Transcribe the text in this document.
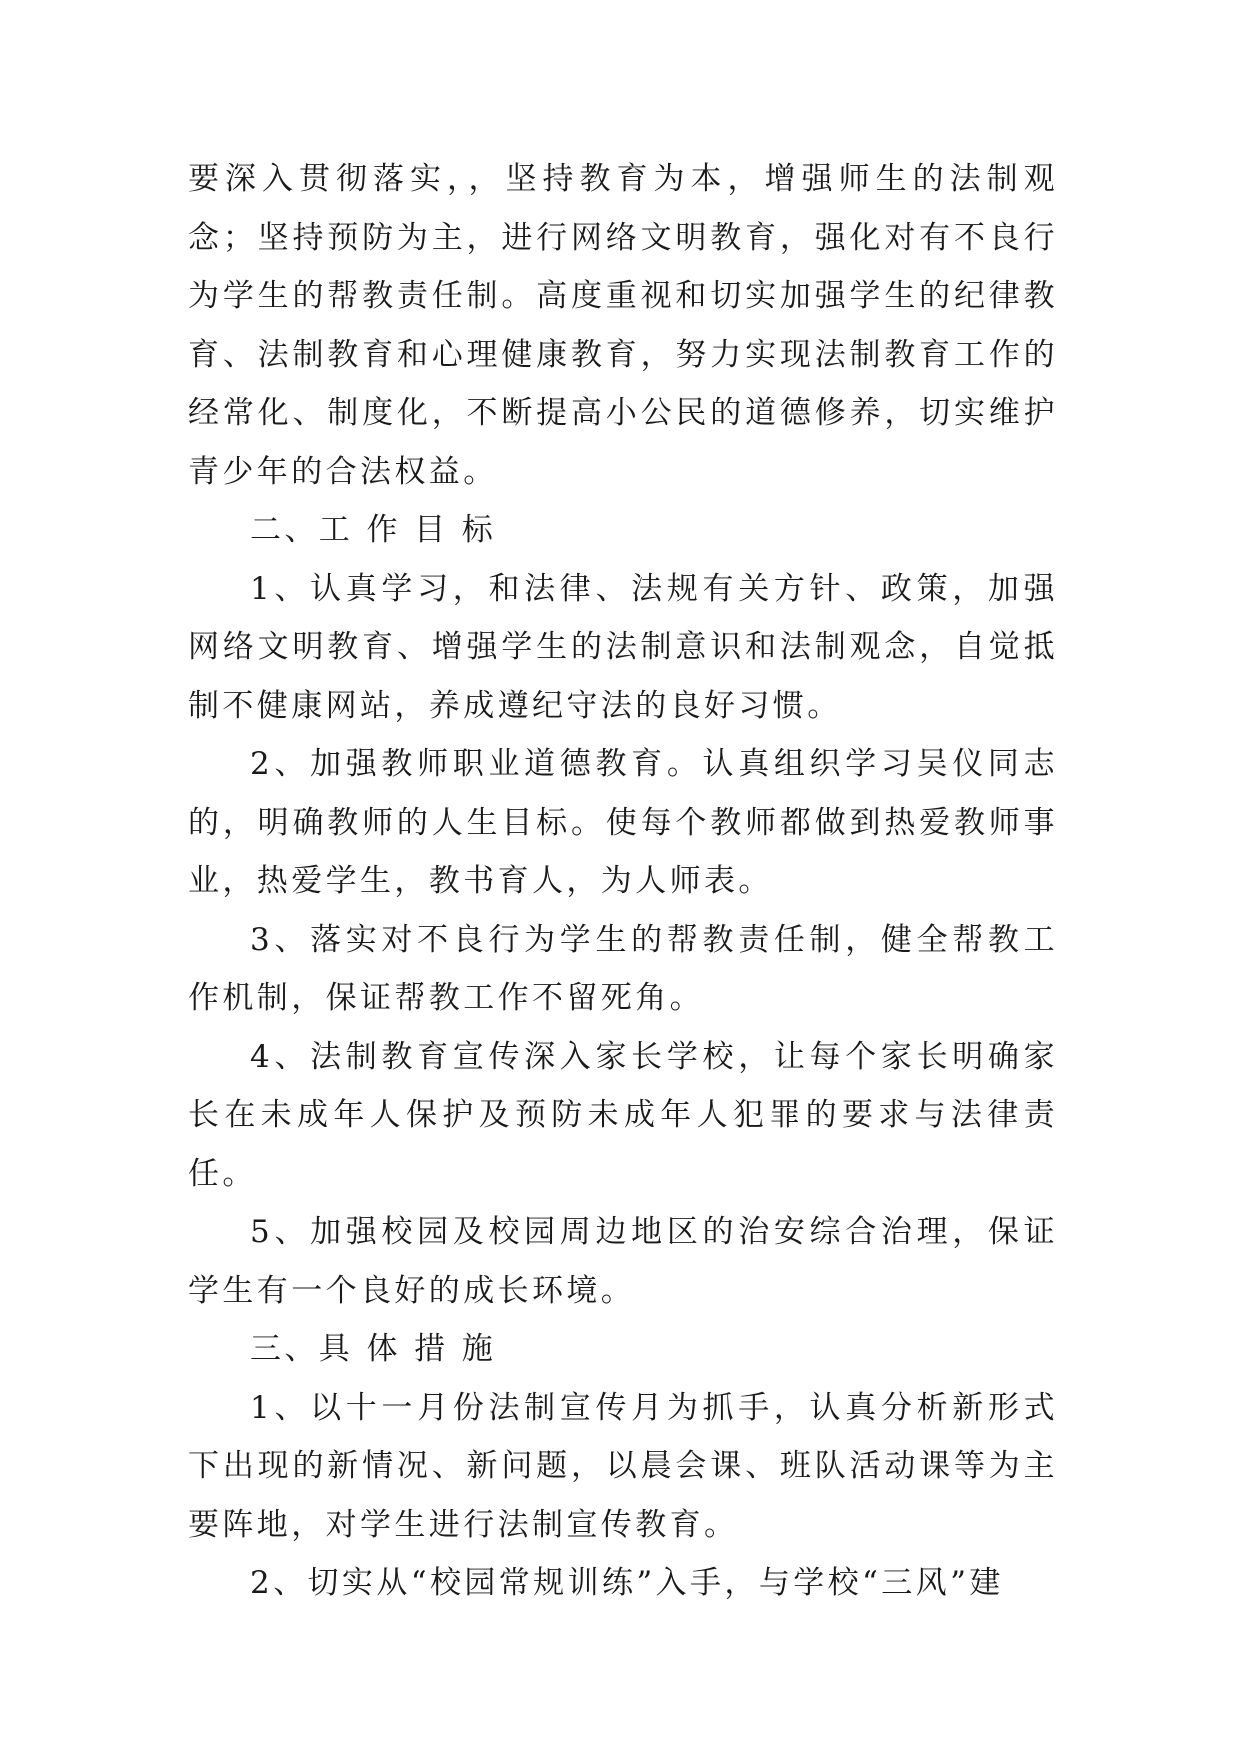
要深入贯彻落实，，坚持教育为本，增强师生的法制观念；坚持预防为主，进行网络文明教育，强化对有不良行为学生的帮教责任制。高度重视和切实加强学生的纪律教育、法制教育和心理健康教育，努力实现法制教育工作的经常化、制度化，不断提高小公民的道德修养，切实维护青少年的合法权益。

二、工 作 目 标

1、认真学习，和法律、法规有关方针、政策，加强网络文明教育、增强学生的法制意识和法制观念，自觉抵制不健康网站，养成遵纪守法的良好习惯。

2、加强教师职业道德教育。认真组织学习吴仪同志的，明确教师的人生目标。使每个教师都做到热爱教师事业，热爱学生，教书育人，为人师表。

3、落实对不良行为学生的帮教责任制，健全帮教工作机制，保证帮教工作不留死角。

4、法制教育宣传深入家长学校，让每个家长明确家长在未成年人保护及预防未成年人犯罪的要求与法律责任。

5、加强校园及校园周边地区的治安综合治理，保证学生有一个良好的成长环境。

三、具 体 措 施

1、以十一月份法制宣传月为抓手，认真分析新形式下出现的新情况、新问题，以晨会课、班队活动课等为主要阵地，对学生进行法制宣传教育。

2、切实从“校园常规训练”入手，与学校“三风”建
